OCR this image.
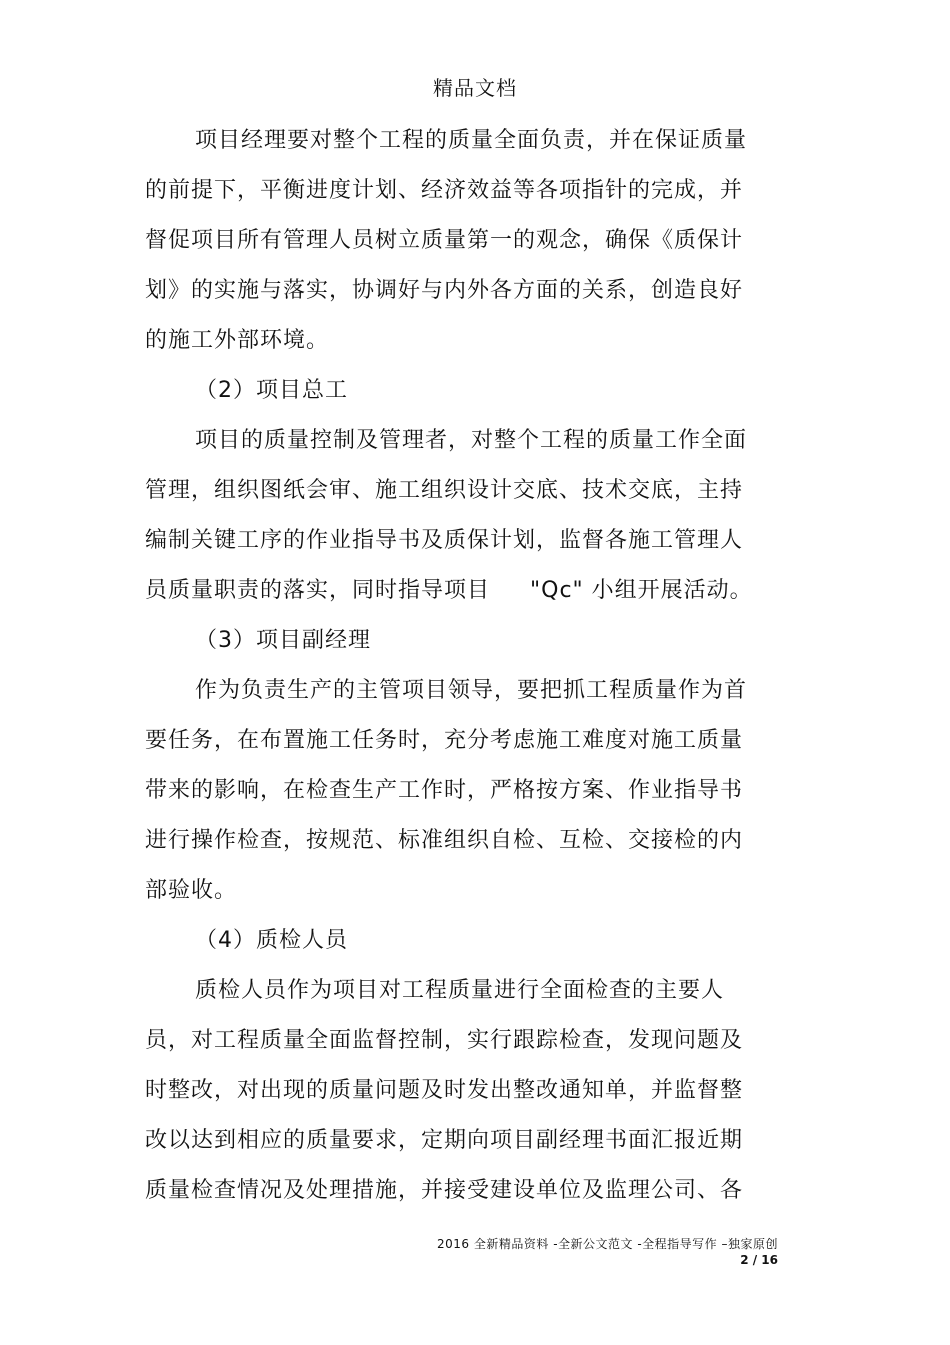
精品文档
项目经理要对整个工程的质量全面负责，并在保证质量
的前提下，平衡进度计划、经济效益等各项指针的完成，并
督促项目所有管理人员树立质量第一的观念，确保《质保计
划》的实施与落实，协调好与内外各方面的关系，创造良好
的施工外部环境。
（2）项目总工
项目的质量控制及管理者，对整个工程的质量工作全面
管理，组织图纸会审、施工组织设计交底、技术交底，主持
编制关键工序的作业指导书及质保计划，监督各施工管理人
员质量职责的落实，同时指导项目 "Qc" 小组开展活动。
（3）项目副经理
作为负责生产的主管项目领导，要把抓工程质量作为首
要任务，在布置施工任务时，充分考虑施工难度对施工质量
带来的影响，在检查生产工作时，严格按方案、作业指导书
进行操作检查，按规范、标准组织自检、互检、交接检的内
部验收。
（4）质检人员
质检人员作为项目对工程质量进行全面检查的主要人
员，对工程质量全面监督控制，实行跟踪检查，发现问题及
时整改，对出现的质量问题及时发出整改通知单，并监督整
改以达到相应的质量要求，定期向项目副经理书面汇报近期
质量检查情况及处理措施，并接受建设单位及监理公司、各
2016 全新精品资料 -全新公文范文 -全程指导写作 –独家原创
2 / 16
